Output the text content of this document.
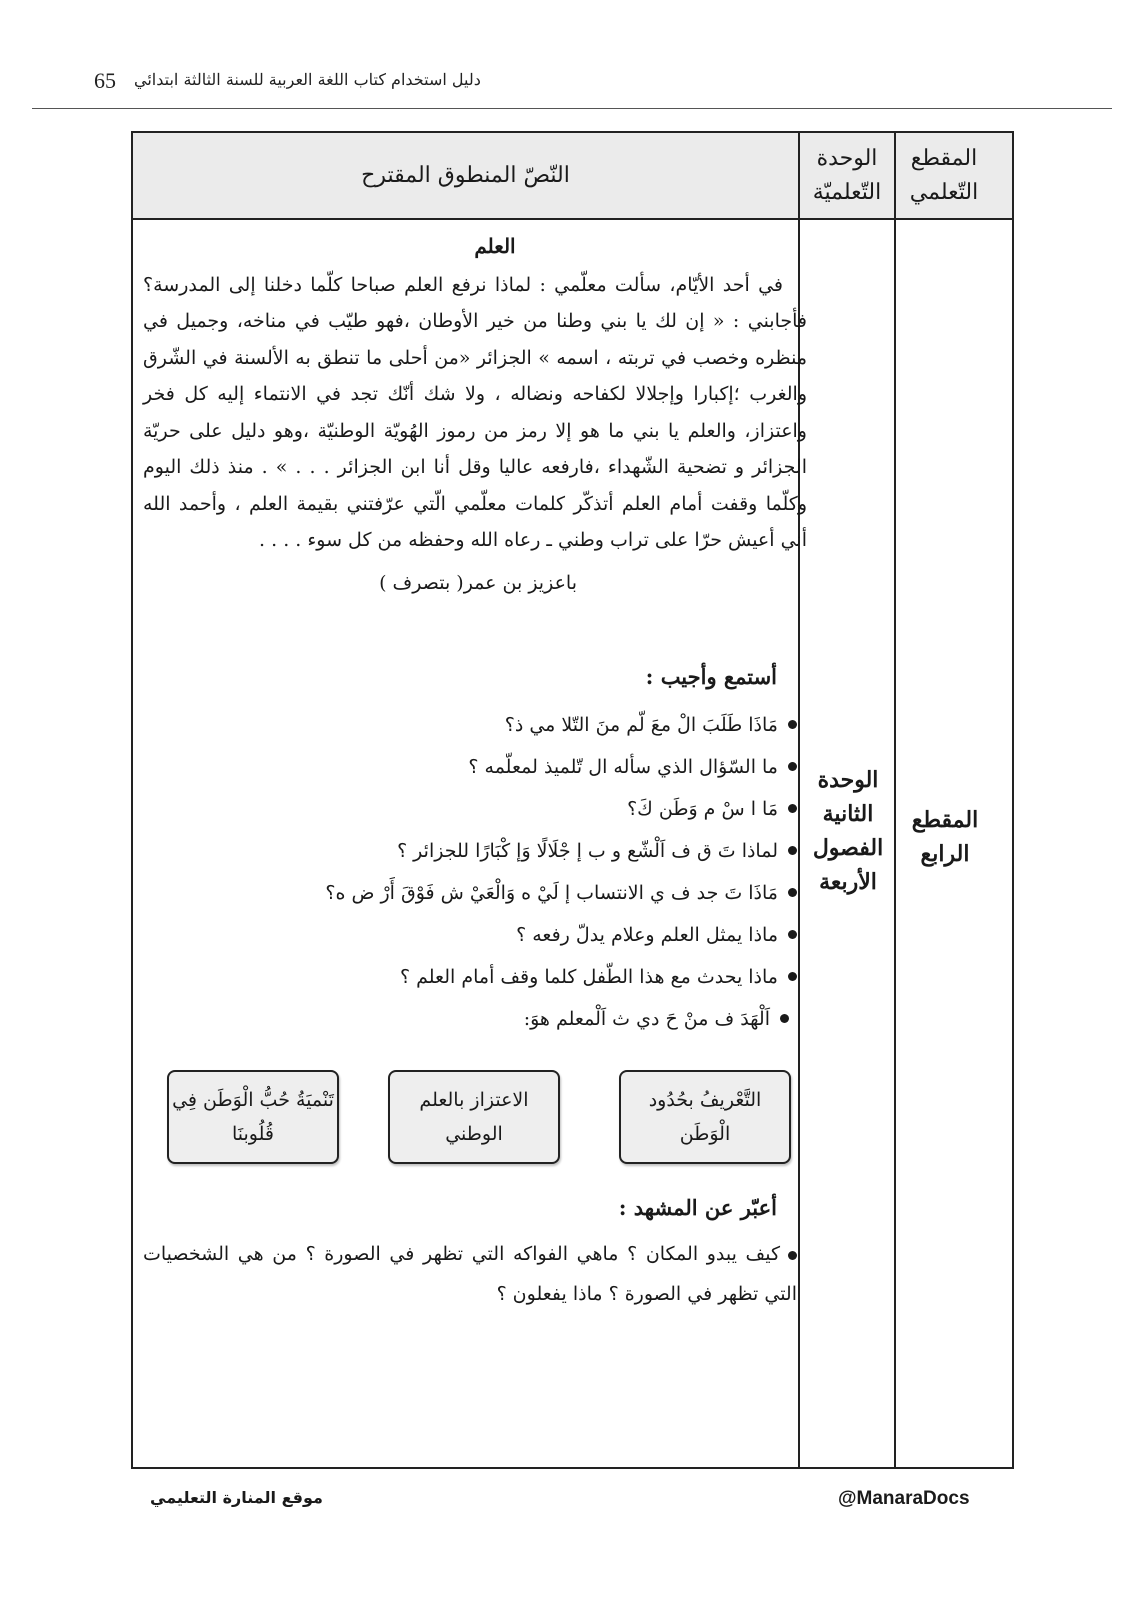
65 دليل استخدام كتاب اللغة العربية للسنة الثالثة ابتدائي
النّصّ المنطوق المقترح
الوحدة التّعلميّة
المقطع التّعلمي

العلم

في أحد الأيّام، سألت معلّمي : لماذا نرفع العلم صباحا كلّما دخلنا إلى المدرسة؟ فأجابني : « إن لك يا بني وطنا من خير الأوطان ،فهو طيّب في مناخه، وجميل في منظره وخصب في تربته ، اسمه » الجزائر «من أحلى ما تنطق به الألسنة في الشّرق والغرب ؛إكبارا وإجلالا لكفاحه ونضاله ، ولا شك أنّك تجد في الانتماء إليه كل فخر واعتزاز، والعلم يا بني ما هو إلا رمز من رموز الهُويّة الوطنيّة ،وهو دليل على حريّة الجزائر و تضحية الشّهداء ،فارفعه عاليا وقل أنا ابن الجزائر . . . » . منذ ذلك اليوم وكلّما وقفت أمام العلم أتذكّر كلمات معلّمي الّتي عرّفتني بقيمة العلم ، وأحمد الله أني أعيش حرّا على تراب وطني ـ رعاه الله وحفظه من كل سوء . . . .

باعزيز بن عمر( بتصرف )

أستمع وأجيب :

مَاذَا طَلَبَ الْ معَ لّم منَ التّلا مي ذ؟
ما السّؤال الذي سأله ال تّلميذ لمعلّمه ؟
مَا ا سْ م وَطَن كَ؟
لماذا تَ ق ف اَلْشّع و ب إ جْلَالًا وَإ كْبَارًا للجزائر ؟
مَاذَا تَ جد ف ي الانتساب إ لَيْ ه وَالْعَيْ ش فَوْقَ أَرْ ض ه؟
ماذا يمثل العلم وعلام يدلّ رفعه ؟
ماذا يحدث مع هذا الطّفل كلما وقف أمام العلم ؟
اَلْهَدَ ف منْ حَ دي ث اَلْمعلم هوَ:
التَّعْريفُ بحُدُود الْوَطَن
الاعتزاز بالعلم الوطني
تَنْميَةُ حُبُّ الْوَطَن فِي قُلُوبنَا

أعبّر عن المشهد :

كيف يبدو المكان ؟ ماهي الفواكه التي تظهر في الصورة ؟ من هي الشخصيات التي تظهر في الصورة ؟ ماذا يفعلون ؟
الوحدة الثانية الفصول الأربعة
المقطع الرابع
موقع المنارة التعليمي	@ManaraDocs
